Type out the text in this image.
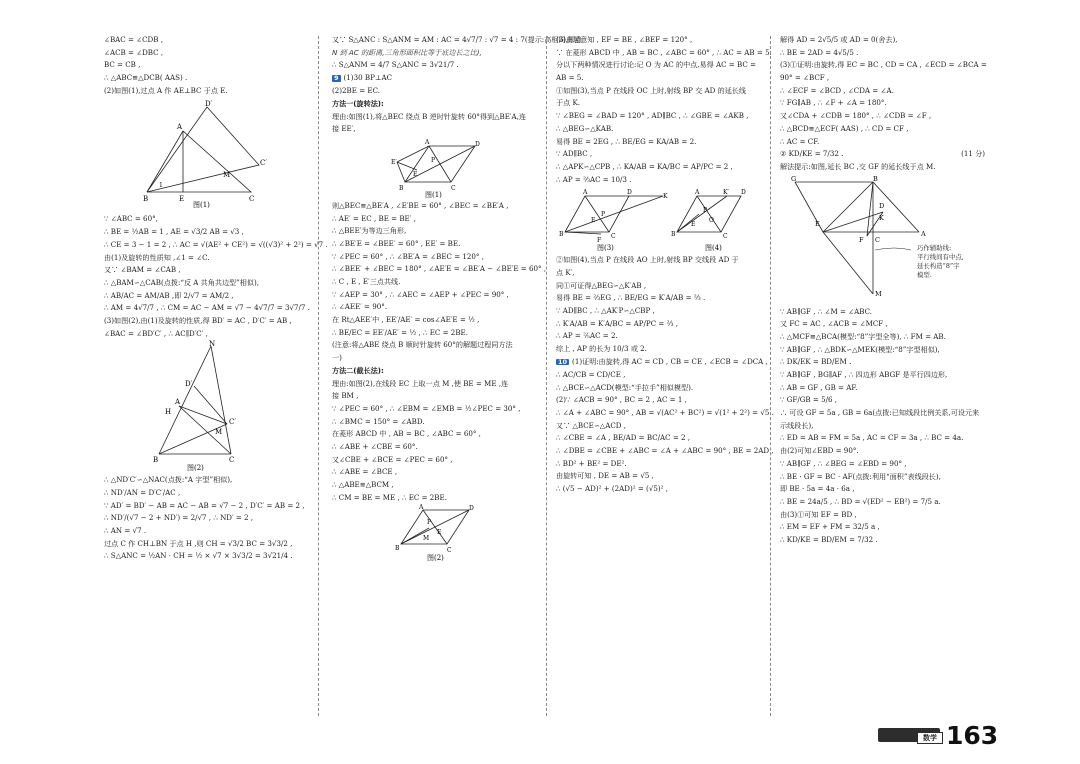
∠BAC = ∠CDB ,
∠ACB = ∠DBC ,
BC = CB ,
∴ △ABC≌△DCB( AAS) .
(2)如图(1),过点 A 作 AE⊥BC 于点 E.
B	E	C
A
D′
C′
M
1
图(1)
∵ ∠ABC = 60°,
∴ BE = ½AB = 1 , AE = √3/2 AB = √3 ,
∴ CE = 3 − 1 = 2 , ∴ AC = √(AE² + CE²) = √((√3)² + 2²) = √7 .
由(1)及旋转的性质知 ,∠1 = ∠C.
又∵ ∠BAM = ∠CAB ,
∴ △BAM∽△CAB(点拨:“反 A 共角共边型”相似),
∴ AB/AC = AM/AB ,即 2/√7 = AM/2 ,
∴ AM = 4√7/7 , ∴ CM = AC − AM = √7 − 4√7/7 = 3√7/7 .
(3)如图(2),由(1)及旋转的性质,得 BD′ = AC , D′C′ = AB ,
∠BAC = ∠BD′C′ , ∴ AC∥D′C′ ,
N
D′
A
H
C′
M
B	C
图(2)
∴ △ND′C′∽△NAC(点拨:“A 字型”相似),
∴ ND′/AN = D′C′/AC ,
∵ AD′ = BD′ − AB = AC − AB = √7 − 2 , D′C′ = AB = 2 ,
∴ ND′/(√7 − 2 + ND′) = 2/√7 , ∴ ND′ = 2 ,
∴ AN = √7 .
过点 C 作 CH⊥BN 于点 H ,则 CH = √3/2 BC = 3√3/2 ,
∴ S△ANC = ½AN · CH = ½ × √7 × 3√3/2 = 3√21/4 .
又∵ S△ANC : S△ANM = AM : AC = 4√7/7 : √7 = 4 : 7(提示:高相同,即点
N 到 AC 的距离,三角形面积比等于底边长之比),
∴ S△ANM = 4/7 S△ANC = 3√21/7 .
9 (1)30 BP⊥AC
(2)2BE = EC.
方法一(旋转法):
理由:如图(1),将△BEC 绕点 B 逆时针旋转 60°得到△BE′A,连
接 EE′,
A	D
E′
B	C
P
E
图(1)
则△BEC≌△BE′A , ∠E′BE = 60° , ∠BEC = ∠BE′A ,
∴ AE′ = EC , BE = BE′ ,
∴ △BEE′为等边三角形,
∴ ∠BE′E = ∠BEE′ = 60° , EE′ = BE.
∵ ∠PEC = 60° , ∴ ∠BE′A = ∠BEC = 120° ,
∴ ∠BEE′ + ∠BEC = 180° , ∠AE′E = ∠BE′A − ∠BE′E = 60° ,
∴ C , E , E′三点共线.
∵ ∠AEP = 30° , ∴ ∠AEC = ∠AEP + ∠PEC = 90° ,
∴ ∠AEE′ = 90°.
在 Rt△AEE′中 , EE′/AE′ = cos∠AE′E = ½ ,
∴ BE/EC = EE′/AE′ = ½ , ∴ EC = 2BE.
(注意:将△ABE 绕点 B 顺时针旋转 60°的解题过程同方法
一)
方法二(截长法):
理由:如图(2),在线段 EC 上取一点 M ,使 BE = ME ,连
接 BM ,
∵ ∠PEC = 60° , ∴ ∠EBM = ∠EMB = ½∠PEC = 30° ,
∴ ∠BMC = 150° = ∠ABD.
在菱形 ABCD 中 , AB = BC , ∠ABC = 60° ,
∴ ∠ABE + ∠CBE = 60°.
又∠CBE + ∠BCE = ∠PEC = 60° ,
∴ ∠ABE = ∠BCE ,
∴ △ABE≌△BCM ,
∴ CM = BE = ME , ∴ EC = 2BE.
A	D
B	C
P
M
E
图(2)
(3)由题意知 , EF = BE , ∠BEF = 120° ,
∵ 在菱形 ABCD 中 , AB = BC , ∠ABC = 60° , ∴ AC = AB = 5.
分以下两种情况进行讨论:记 O 为 AC 的中点,易得 AC = BC =
AB = 5.
①如图(3),当点 P 在线段 OC 上时,射线 BP 交 AD 的延长线
于点 K.
∵ ∠BEG = ∠BAD = 120° , AD∥BC , ∴ ∠GBE = ∠AKB ,
∴ △BEG∽△KAB.
易得 BE = 2EG , ∴ BE/EG = KA/AB = 2.
∵ AD∥BC ,
∴ △APK∽△CPB , ∴ KA/AB = KA/BC = AP/PC = 2 ,
∴ AP = ⅔AC = 10/3 .
A	D
K
B	C
P
E
F
图(3)
A	K′ D
B	C
P
O
E
图(4)
②如图(4),当点 P 在线段 AO 上时,射线 BP 交线段 AD 于
点 K′,
同①可证得△BEG∽△K′AB ,
易得 BE = ⅔EG , ∴ BE/EG = K′A/AB = ⅔ .
∵ AD∥BC , ∴ △AK′P∽△CBP ,
∴ K′A/AB = K′A/BC = AP/PC = ⅔ ,
∴ AP = ⅖AC = 2.
综上 , AP 的长为 10/3 或 2.
10 (1)证明:由旋转,得 AC = CD , CB = CE , ∠ECB = ∠DCA ,
∴ AC/CB = CD/CE ,
∴ △BCE∽△ACD(模型:“手拉手”相似模型).
(2)∵ ∠ACB = 90° , BC = 2 , AC = 1 ,
∴ ∠A + ∠ABC = 90° , AB = √(AC² + BC²) = √(1² + 2²) = √5 .
又∵ △BCE∽△ACD ,
∴ ∠CBE = ∠A , BE/AD = BC/AC = 2 ,
∴ ∠DBE = ∠CBE + ∠ABC = ∠A + ∠ABC = 90° , BE = 2AD ,
∴ BD² + BE² = DE².
由旋转可知 , DE = AB = √5 ,
∴ (√5 − AD)² + (2AD)² = (√5)² ,
解得 AD = 2√5/5 或 AD = 0(舍去),
∴ BE = 2AD = 4√5/5 .
(3)①证明:由旋转,得 EC = BC , CD = CA , ∠ECD = ∠BCA =
90° = ∠BCF ,
∴ ∠ECF = ∠BCD , ∠CDA = ∠A.
∵ FG∥AB , ∴ ∠F + ∠A = 180°.
又∠CDA + ∠CDB = 180° , ∴ ∠CDB = ∠F ,
∴ △BCD≌△ECF( AAS) , ∴ CD = CF ,
∴ AC = CF.
② KD/KE = 7/32 .	(11 分)
解法提示:如图,延长 BC ,交 GF 的延长线于点 M.
G	B
E
D
K
F C
A
M
巧作辅助线:
平行线间有中点,
延长构造“8”字
模型.
∵ AB∥GF , ∴ ∠M = ∠ABC.
又 FC = AC , ∠ACB = ∠MCF ,
∴ △MCF≌△BCA(模型:“8”字型全等), ∴ FM = AB.
∵ AB∥GF , ∴ △BDK∽△MEK(模型:“8”字型相似),
∴ DK/EK = BD/EM .
∵ AB∥GF , BG∥AF , ∴ 四边形 ABGF 是平行四边形,
∴ AB = GF , GB = AF.
∵ GF/GB = 5/6 ,
∴ 可设 GF = 5a , GB = 6a(点拨:已知线段比例关系,可设元来
示线段长),
∴ ED = AB = FM = 5a , AC = CF = 3a , ∴ BC = 4a.
由(2)可知∠EBD = 90°.
∵ AB∥GF , ∴ ∠BEG = ∠EBD = 90° ,
∴ BE · GF = BC · AF(点拨:利用“面积”表线段长),
即 BE · 5a = 4a · 6a ,
∴ BE = 24a/5 , ∴ BD = √(ED² − EB²) = 7/5 a.
由(3)①可知 EF = BD ,
∴ EM = EF + FM = 32/5 a ,
∴ KD/KE = BD/EM = 7/32 .
数学 163
